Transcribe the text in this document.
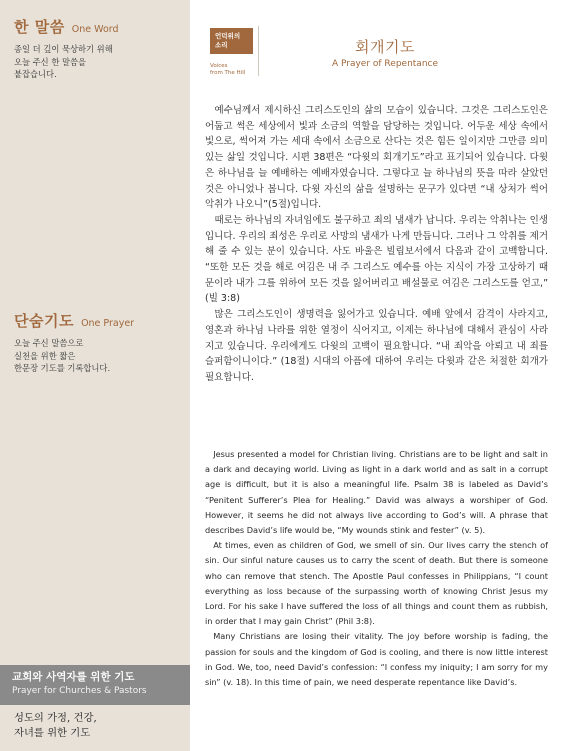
한 말씀 One Word
종일 더 깊이 묵상하기 위해
오늘 주신 한 말씀을
붙잡습니다.
단숨기도 One Prayer
오늘 주신 말씀으로
실천을 위한 짧은
한문장 기도를 기록합니다.
교회와 사역자를 위한 기도
Prayer for Churches & Pastors
성도의 가정, 건강,
자녀를 위한 기도
언덕위의
소리
Voices
from The Hill
회개기도
A Prayer of Repentance

예수님께서 제시하신 그리스도인의 삶의 모습이 있습니다. 그것은 그리스도인은 어둡고 썩은 세상에서 빛과 소금의 역할을 담당하는 것입니다. 어두운 세상 속에서 빛으로, 썩어져 가는 세대 속에서 소금으로 산다는 것은 힘든 일이지만 그만큼 의미 있는 삶일 것입니다. 시편 38편은 “다윗의 회개기도”라고 표기되어 있습니다. 다윗은 하나님을 늘 예배하는 예배자였습니다. 그렇다고 늘 하나님의 뜻을 따라 살았던 것은 아니었나 봅니다. 다윗 자신의 삶을 설명하는 문구가 있다면 “내 상처가 썩어 악취가 나오니”(5절)입니다.

때로는 하나님의 자녀임에도 불구하고 죄의 냄새가 납니다. 우리는 악취나는 인생입니다. 우리의 죄성은 우리로 사망의 냄새가 나게 만듭니다. 그러나 그 악취를 제거해 줄 수 있는 분이 있습니다. 사도 바울은 빌립보서에서 다음과 같이 고백합니다. “또한 모든 것을 해로 여김은 내 주 그리스도 예수를 아는 지식이 가장 고상하기 때문이라 내가 그를 위하여 모든 것을 잃어버리고 배설물로 여김은 그리스도를 얻고,” (빌 3:8)

많은 그리스도인이 생명력을 잃어가고 있습니다. 예배 앞에서 감격이 사라지고, 영혼과 하나님 나라를 위한 열정이 식어지고, 이제는 하나님에 대해서 관심이 사라지고 있습니다. 우리에게도 다윗의 고백이 필요합니다. “내 죄악을 아뢰고 내 죄를 슬퍼함이니이다.” (18절) 시대의 아픔에 대하여 우리는 다윗과 같은 처절한 회개가 필요합니다.

Jesus presented a model for Christian living. Christians are to be light and salt in a dark and decaying world. Living as light in a dark world and as salt in a corrupt age is difficult, but it is also a meaningful life. Psalm 38 is labeled as David’s “Penitent Sufferer’s Plea for Healing.” David was always a worshiper of God. However, it seems he did not always live according to God’s will. A phrase that describes David’s life would be, “My wounds stink and fester” (v. 5).

At times, even as children of God, we smell of sin. Our lives carry the stench of sin. Our sinful nature causes us to carry the scent of death. But there is someone who can remove that stench. The Apostle Paul confesses in Philippians, “I count everything as loss because of the surpassing worth of knowing Christ Jesus my Lord. For his sake I have suffered the loss of all things and count them as rubbish, in order that I may gain Christ” (Phil 3:8).

Many Christians are losing their vitality. The joy before worship is fading, the passion for souls and the kingdom of God is cooling, and there is now little interest in God. We, too, need David’s confession: “I confess my iniquity; I am sorry for my sin” (v. 18). In this time of pain, we need desperate repentance like David’s.
